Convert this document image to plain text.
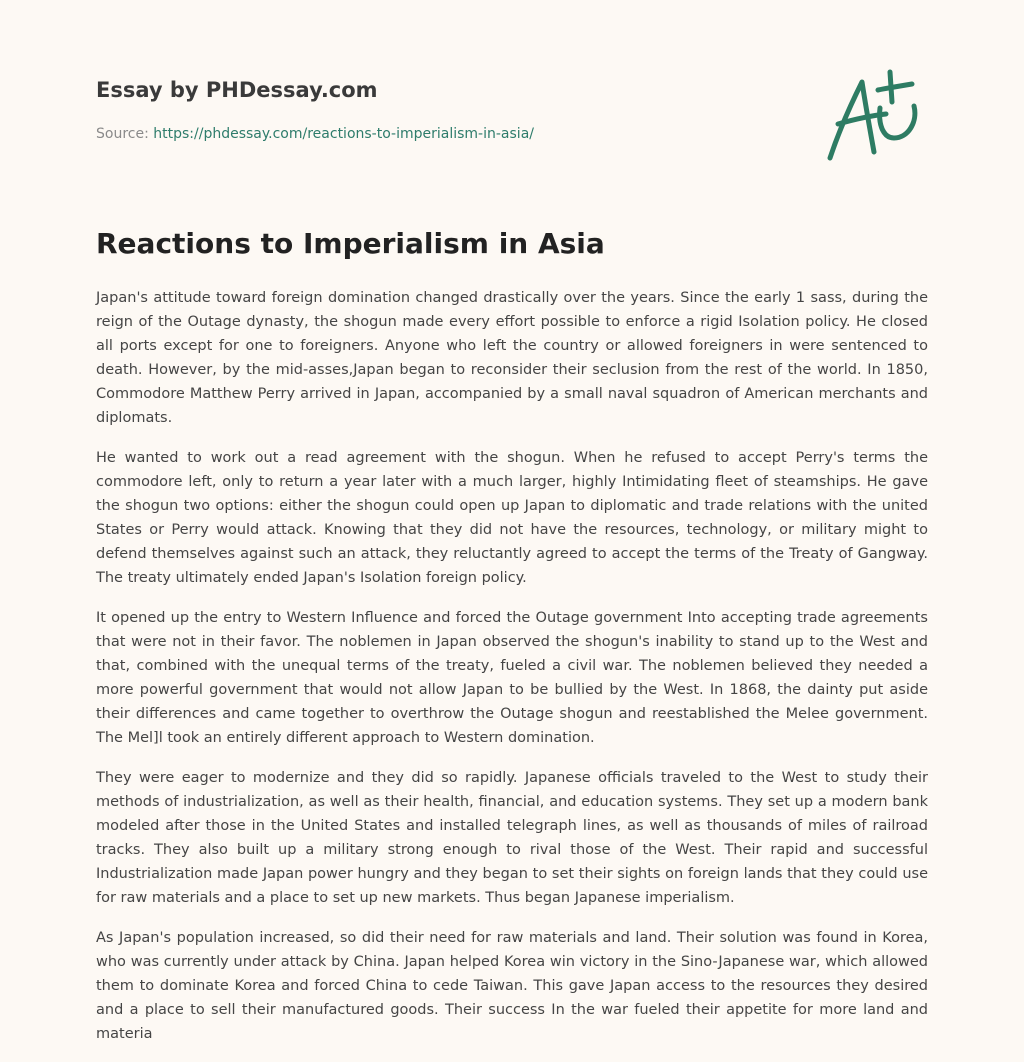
Essay by PHDessay.com
Source: https://phdessay.com/reactions-to-imperialism-in-asia/
Reactions to Imperialism in Asia

Japan's attitude toward foreign domination changed drastically over the years. Since the early 1 sass, during the reign of the Outage dynasty, the shogun made every effort possible to enforce a rigid Isolation policy. He closed all ports except for one to foreigners. Anyone who left the country or allowed foreigners in were sentenced to death. However, by the mid-asses,Japan began to reconsider their seclusion from the rest of the world. In 1850, Commodore Matthew Perry arrived in Japan, accompanied by a small naval squadron of American merchants and diplomats.

He wanted to work out a read agreement with the shogun. When he refused to accept Perry's terms the commodore left, only to return a year later with a much larger, highly Intimidating fleet of steamships. He gave the shogun two options: either the shogun could open up Japan to diplomatic and trade relations with the united States or Perry would attack. Knowing that they did not have the resources, technology, or military might to defend themselves against such an attack, they reluctantly agreed to accept the terms of the Treaty of Gangway. The treaty ultimately ended Japan's Isolation foreign policy.

It opened up the entry to Western Influence and forced the Outage government Into accepting trade agreements that were not in their favor. The noblemen in Japan observed the shogun's inability to stand up to the West and that, combined with the unequal terms of the treaty, fueled a civil war. The noblemen believed they needed a more powerful government that would not allow Japan to be bullied by the West. In 1868, the dainty put aside their differences and came together to overthrow the Outage shogun and reestablished the Melee government. The Mel]l took an entirely different approach to Western domination.

They were eager to modernize and they did so rapidly. Japanese officials traveled to the West to study their methods of industrialization, as well as their health, financial, and education systems. They set up a modern bank modeled after those in the United States and installed telegraph lines, as well as thousands of miles of railroad tracks. They also built up a military strong enough to rival those of the West. Their rapid and successful Industrialization made Japan power hungry and they began to set their sights on foreign lands that they could use for raw materials and a place to set up new markets. Thus began Japanese imperialism.

As Japan's population increased, so did their need for raw materials and land. Their solution was found in Korea, who was currently under attack by China. Japan helped Korea win victory in the Sino-Japanese war, which allowed them to dominate Korea and forced China to cede Taiwan. This gave Japan access to the resources they desired and a place to sell their manufactured goods. Their success In the war fueled their appetite for more land and materia
